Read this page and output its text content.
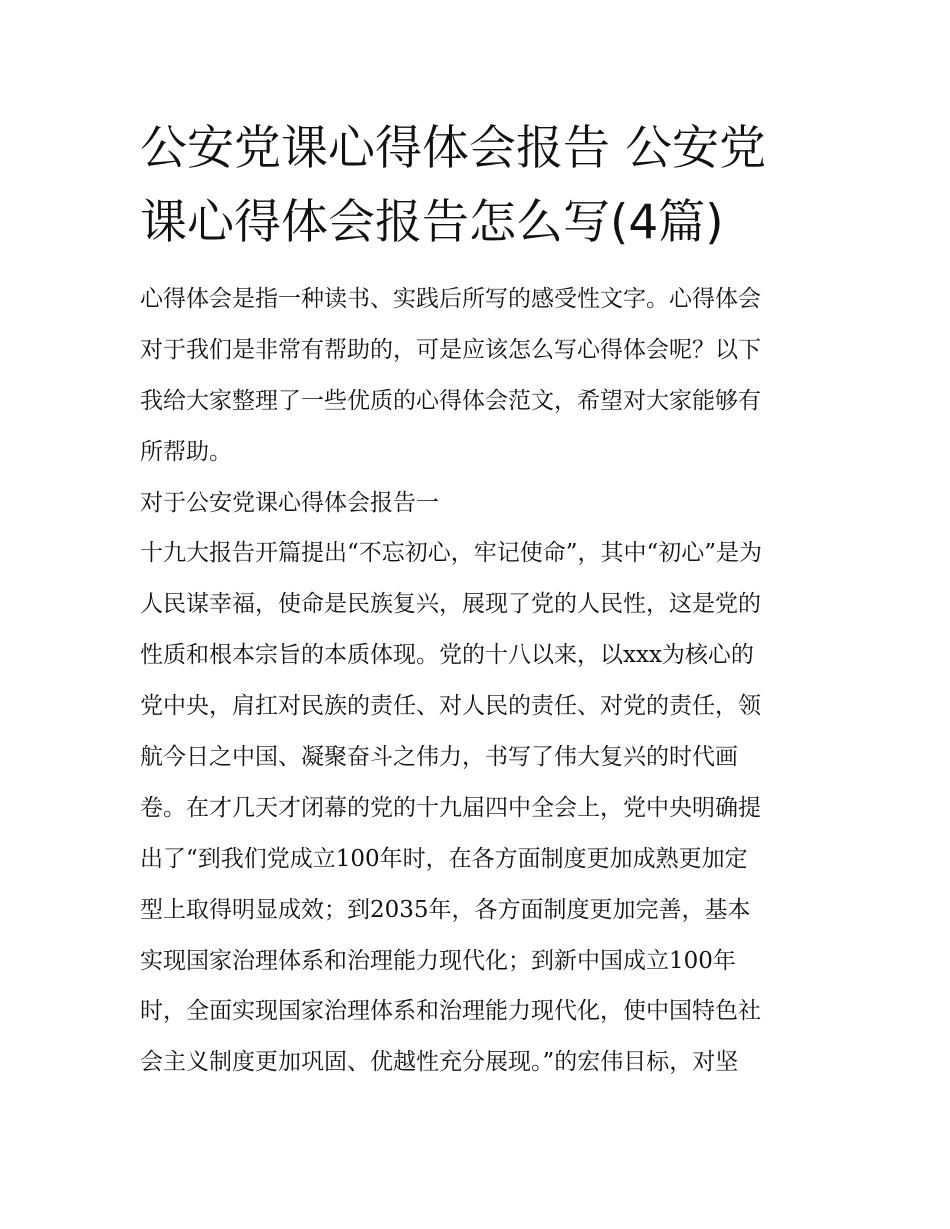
公安党课心得体会报告 公安党
课心得体会报告怎么写(4篇)
心得体会是指一种读书、实践后所写的感受性文字。心得体会
对于我们是非常有帮助的，可是应该怎么写心得体会呢？以下
我给大家整理了一些优质的心得体会范文，希望对大家能够有
所帮助。
对于公安党课心得体会报告一
十九大报告开篇提出“不忘初心，牢记使命”，其中“初心”是为
人民谋幸福，使命是民族复兴，展现了党的人民性，这是党的
性质和根本宗旨的本质体现。党的十八以来，以xxx为核心的
党中央，肩扛对民族的责任、对人民的责任、对党的责任，领
航今日之中国、凝聚奋斗之伟力，书写了伟大复兴的时代画
卷。在才几天才闭幕的党的十九届四中全会上，党中央明确提
出了“到我们党成立100年时，在各方面制度更加成熟更加定
型上取得明显成效；到2035年，各方面制度更加完善，基本
实现国家治理体系和治理能力现代化；到新中国成立100年
时，全面实现国家治理体系和治理能力现代化，使中国特色社
会主义制度更加巩固、优越性充分展现。”的宏伟目标，对坚
